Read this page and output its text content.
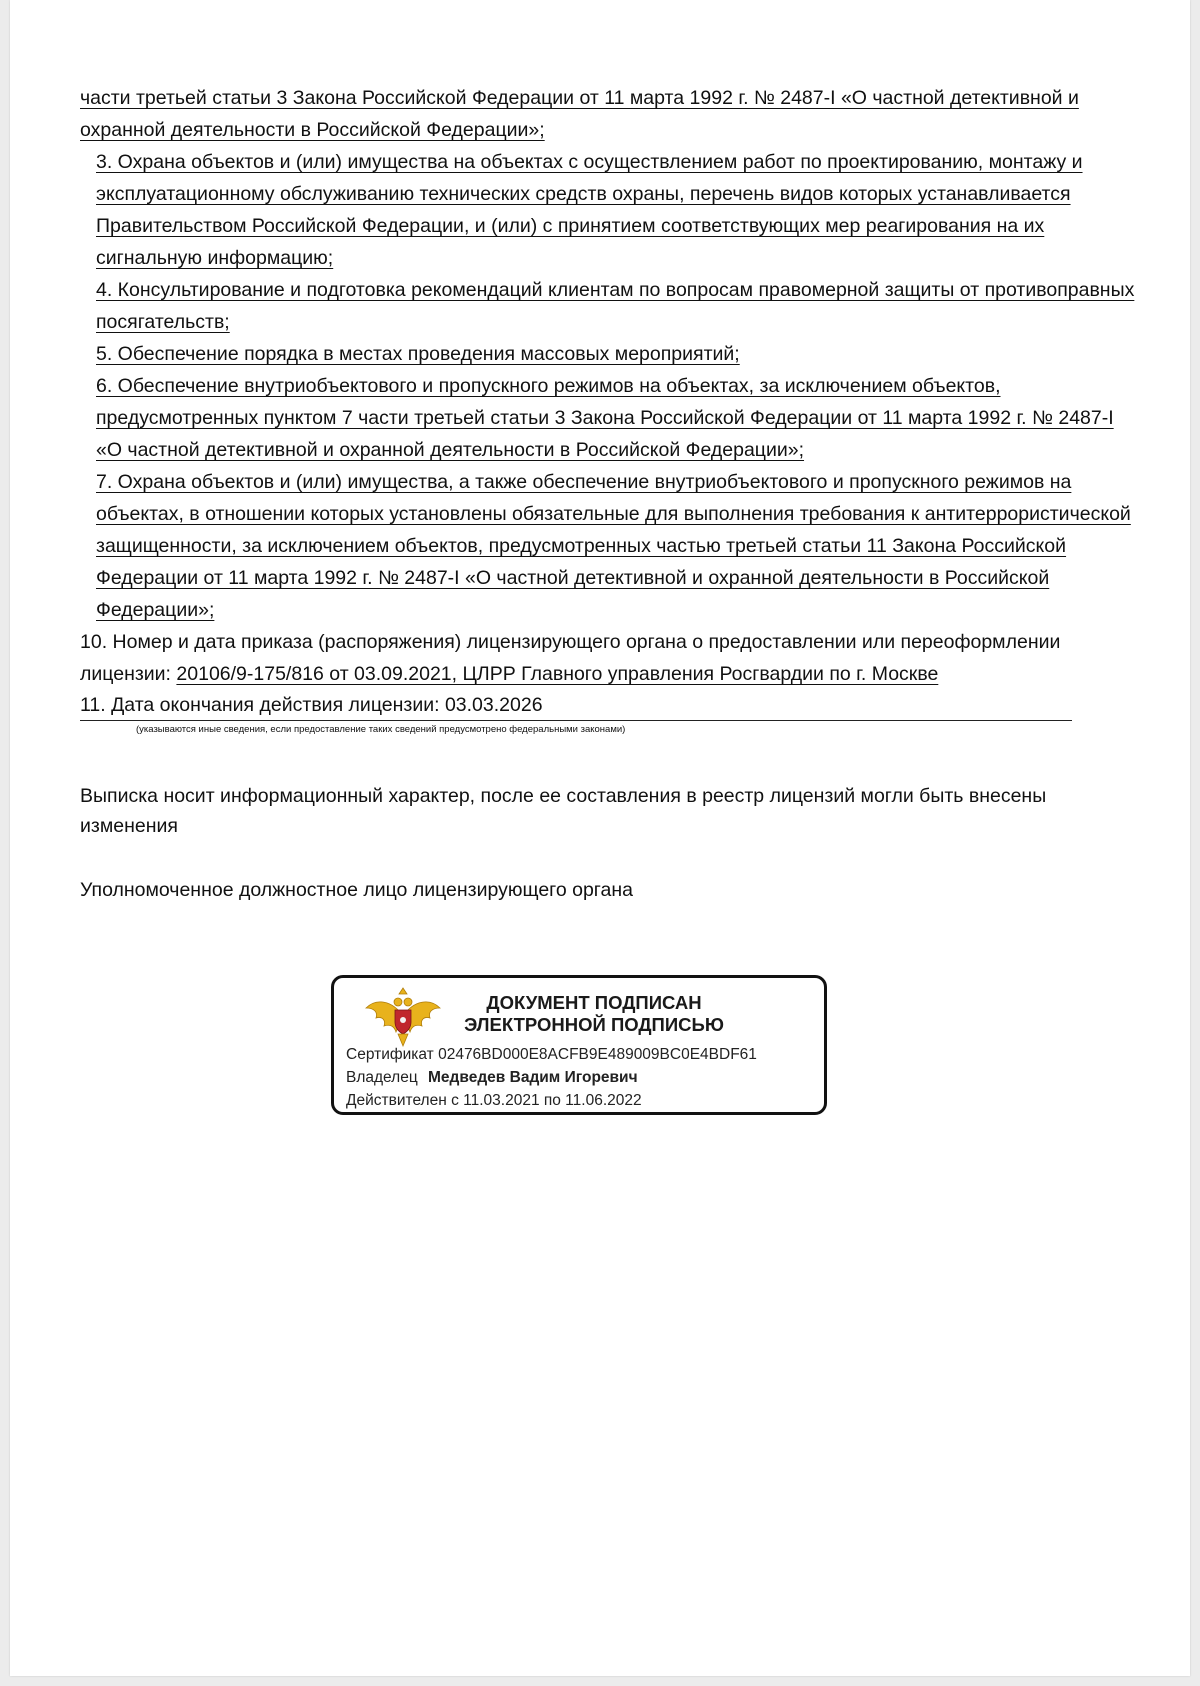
части третьей статьи 3 Закона Российской Федерации от 11 марта 1992 г. № 2487-I «О частной детективной и охранной деятельности в Российской Федерации»;

3. Охрана объектов и (или) имущества на объектах с осуществлением работ по проектированию, монтажу и эксплуатационному обслуживанию технических средств охраны, перечень видов которых устанавливается Правительством Российской Федерации, и (или) с принятием соответствующих мер реагирования на их сигнальную информацию;

4. Консультирование и подготовка рекомендаций клиентам по вопросам правомерной защиты от противоправных посягательств;

5. Обеспечение порядка в местах проведения массовых мероприятий;

6. Обеспечение внутриобъектового и пропускного режимов на объектах, за исключением объектов, предусмотренных пунктом 7 части третьей статьи 3 Закона Российской Федерации от 11 марта 1992 г. № 2487-I «О частной детективной и охранной деятельности в Российской Федерации»;

7. Охрана объектов и (или) имущества, а также обеспечение внутриобъектового и пропускного режимов на объектах, в отношении которых установлены обязательные для выполнения требования к антитеррористической защищенности, за исключением объектов, предусмотренных частью третьей статьи 11 Закона Российской Федерации от 11 марта 1992 г. № 2487-I «О частной детективной и охранной деятельности в Российской Федерации»;

10. Номер и дата приказа (распоряжения) лицензирующего органа о предоставлении или переоформлении лицензии: 20106/9-175/816 от 03.09.2021, ЦЛРР Главного управления Росгвардии по г. Москве

11. Дата окончания действия лицензии: 03.03.2026

(указываются иные сведения, если предоставление таких сведений предусмотрено федеральными законами)

Выписка носит информационный характер, после ее составления в реестр лицензий могли быть внесены изменения

Уполномоченное должностное лицо лицензирующего органа

ДОКУМЕНТ ПОДПИСАН
ЭЛЕКТРОННОЙ ПОДПИСЬЮ
Сертификат 02476BD000E8ACFB9E489009BC0E4BDF61
Владелец Медведев Вадим Игоревич
Действителен с 11.03.2021 по 11.06.2022
